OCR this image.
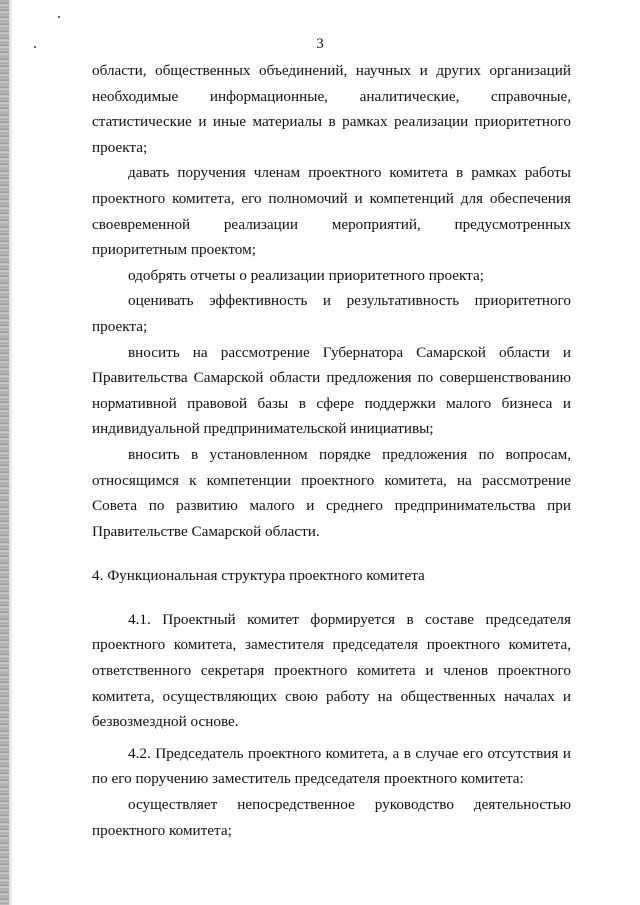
3

области, общественных объединений, научных и других организаций необходимые информационные, аналитические, справочные, статистические и иные материалы в рамках реализации приоритетного проекта;

давать поручения членам проектного комитета в рамках работы проектного комитета, его полномочий и компетенций для обеспечения своевременной реализации мероприятий, предусмотренных приоритетным проектом;

одобрять отчеты о реализации приоритетного проекта;

оценивать эффективность и результативность приоритетного проекта;

вносить на рассмотрение Губернатора Самарской области и Правительства Самарской области предложения по совершенствованию нормативной правовой базы в сфере поддержки малого бизнеса и индивидуальной предпринимательской инициативы;

вносить в установленном порядке предложения по вопросам, относящимся к компетенции проектного комитета, на рассмотрение Совета по развитию малого и среднего предпринимательства при Правительстве Самарской области.

4. Функциональная структура проектного комитета

4.1. Проектный комитет формируется в составе председателя проектного комитета, заместителя председателя проектного комитета, ответственного секретаря проектного комитета и членов проектного комитета, осуществляющих свою работу на общественных началах и безвозмездной основе.

4.2. Председатель проектного комитета, а в случае его отсутствия и по его поручению заместитель председателя проектного комитета:

осуществляет непосредственное руководство деятельностью проектного комитета;
